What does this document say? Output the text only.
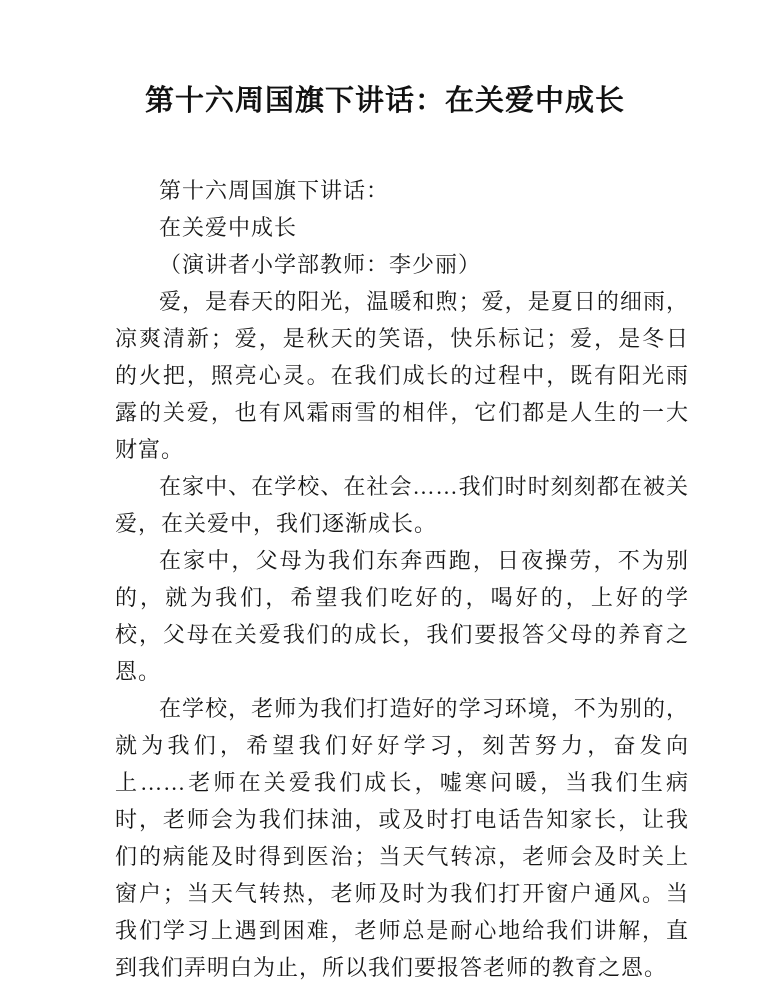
第十六周国旗下讲话：在关爱中成长

第十六周国旗下讲话：

在关爱中成长

（演讲者小学部教师：李少丽）

爱，是春天的阳光，温暖和煦；爱，是夏日的细雨，凉爽清新；爱，是秋天的笑语，快乐标记；爱，是冬日的火把，照亮心灵。在我们成长的过程中，既有阳光雨露的关爱，也有风霜雨雪的相伴，它们都是人生的一大财富。

在家中、在学校、在社会……我们时时刻刻都在被关爱，在关爱中，我们逐渐成长。

在家中，父母为我们东奔西跑，日夜操劳，不为别的，就为我们，希望我们吃好的，喝好的，上好的学校，父母在关爱我们的成长，我们要报答父母的养育之恩。

在学校，老师为我们打造好的学习环境，不为别的，就为我们，希望我们好好学习，刻苦努力，奋发向上……老师在关爱我们成长，嘘寒问暖，当我们生病时，老师会为我们抹油，或及时打电话告知家长，让我们的病能及时得到医治；当天气转凉，老师会及时关上窗户；当天气转热，老师及时为我们打开窗户通风。当我们学习上遇到困难，老师总是耐心地给我们讲解，直到我们弄明白为止，所以我们要报答老师的教育之恩。
